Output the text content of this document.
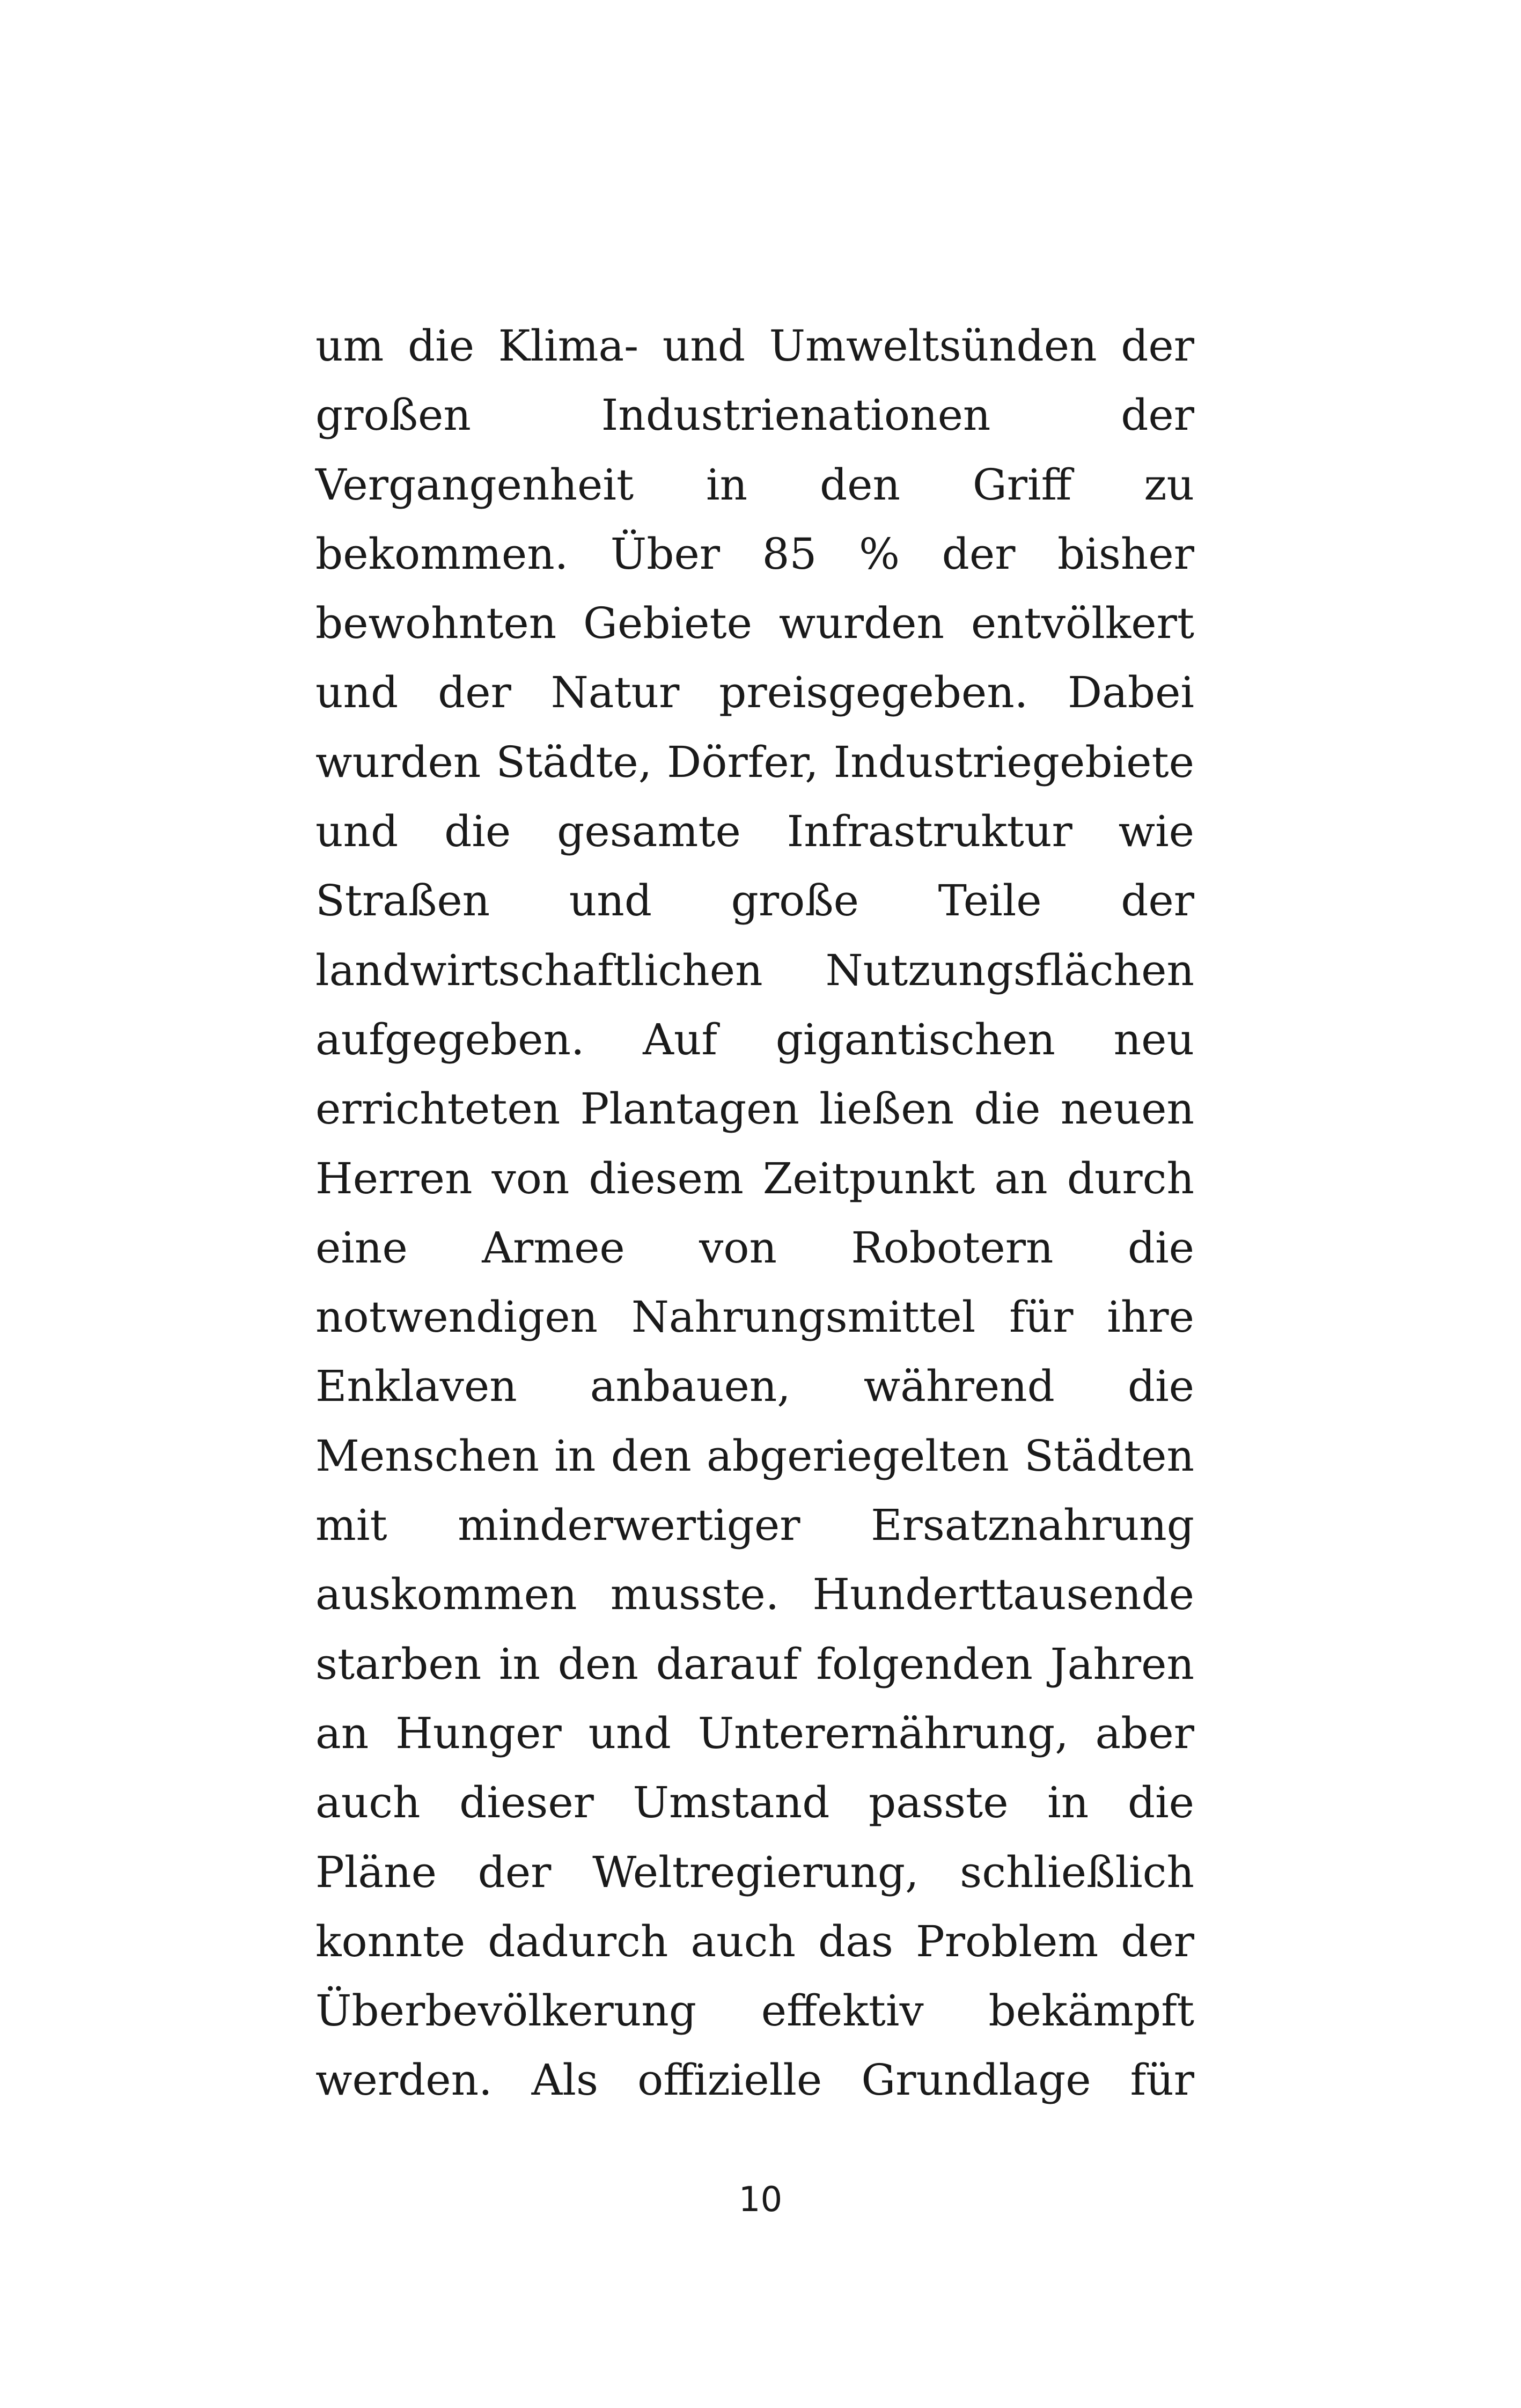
um die Klima- und Umweltsünden der
großen Industrienationen der
Vergangenheit in den Griff zu
bekommen. Über 85 % der bisher
bewohnten Gebiete wurden entvölkert
und der Natur preisgegeben. Dabei
wurden Städte, Dörfer, Industriegebiete
und die gesamte Infrastruktur wie
Straßen und große Teile der
landwirtschaftlichen Nutzungsflächen
aufgegeben. Auf gigantischen neu
errichteten Plantagen ließen die neuen
Herren von diesem Zeitpunkt an durch
eine Armee von Robotern die
notwendigen Nahrungsmittel für ihre
Enklaven anbauen, während die
Menschen in den abgeriegelten Städten
mit minderwertiger Ersatznahrung
auskommen musste. Hunderttausende
starben in den darauf folgenden Jahren
an Hunger und Unterernährung, aber
auch dieser Umstand passte in die
Pläne der Weltregierung, schließlich
konnte dadurch auch das Problem der
Überbevölkerung effektiv bekämpft
werden. Als offizielle Grundlage für
10
